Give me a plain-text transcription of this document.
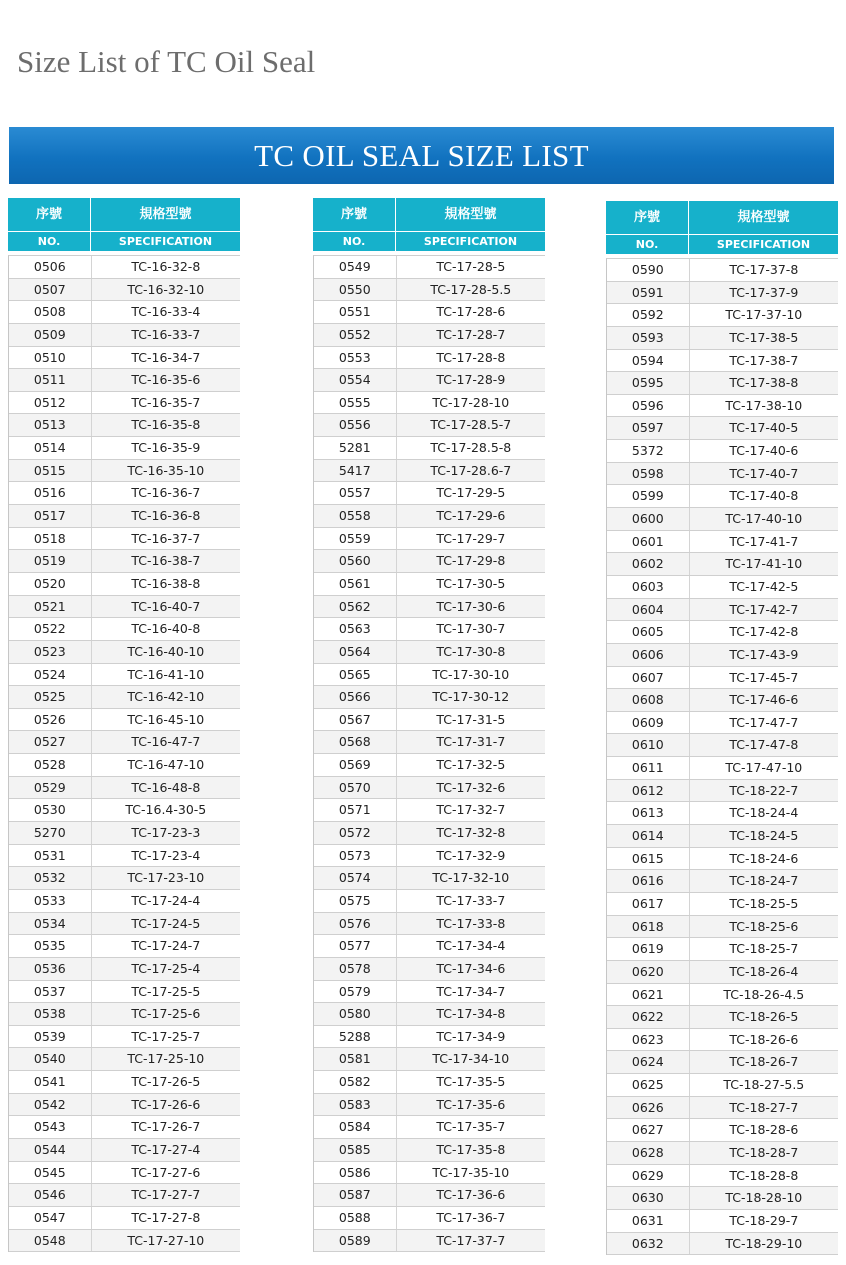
Size List of TC Oil Seal
TC OIL SEAL SIZE LIST
序號	規格型號
NO.	SPECIFICATION
0506	TC-16-32-8
0507	TC-16-32-10
0508	TC-16-33-4
0509	TC-16-33-7
0510	TC-16-34-7
0511	TC-16-35-6
0512	TC-16-35-7
0513	TC-16-35-8
0514	TC-16-35-9
0515	TC-16-35-10
0516	TC-16-36-7
0517	TC-16-36-8
0518	TC-16-37-7
0519	TC-16-38-7
0520	TC-16-38-8
0521	TC-16-40-7
0522	TC-16-40-8
0523	TC-16-40-10
0524	TC-16-41-10
0525	TC-16-42-10
0526	TC-16-45-10
0527	TC-16-47-7
0528	TC-16-47-10
0529	TC-16-48-8
0530	TC-16.4-30-5
5270	TC-17-23-3
0531	TC-17-23-4
0532	TC-17-23-10
0533	TC-17-24-4
0534	TC-17-24-5
0535	TC-17-24-7
0536	TC-17-25-4
0537	TC-17-25-5
0538	TC-17-25-6
0539	TC-17-25-7
0540	TC-17-25-10
0541	TC-17-26-5
0542	TC-17-26-6
0543	TC-17-26-7
0544	TC-17-27-4
0545	TC-17-27-6
0546	TC-17-27-7
0547	TC-17-27-8
0548	TC-17-27-10
序號	規格型號
NO.	SPECIFICATION
0549	TC-17-28-5
0550	TC-17-28-5.5
0551	TC-17-28-6
0552	TC-17-28-7
0553	TC-17-28-8
0554	TC-17-28-9
0555	TC-17-28-10
0556	TC-17-28.5-7
5281	TC-17-28.5-8
5417	TC-17-28.6-7
0557	TC-17-29-5
0558	TC-17-29-6
0559	TC-17-29-7
0560	TC-17-29-8
0561	TC-17-30-5
0562	TC-17-30-6
0563	TC-17-30-7
0564	TC-17-30-8
0565	TC-17-30-10
0566	TC-17-30-12
0567	TC-17-31-5
0568	TC-17-31-7
0569	TC-17-32-5
0570	TC-17-32-6
0571	TC-17-32-7
0572	TC-17-32-8
0573	TC-17-32-9
0574	TC-17-32-10
0575	TC-17-33-7
0576	TC-17-33-8
0577	TC-17-34-4
0578	TC-17-34-6
0579	TC-17-34-7
0580	TC-17-34-8
5288	TC-17-34-9
0581	TC-17-34-10
0582	TC-17-35-5
0583	TC-17-35-6
0584	TC-17-35-7
0585	TC-17-35-8
0586	TC-17-35-10
0587	TC-17-36-6
0588	TC-17-36-7
0589	TC-17-37-7
序號	規格型號
NO.	SPECIFICATION
0590	TC-17-37-8
0591	TC-17-37-9
0592	TC-17-37-10
0593	TC-17-38-5
0594	TC-17-38-7
0595	TC-17-38-8
0596	TC-17-38-10
0597	TC-17-40-5
5372	TC-17-40-6
0598	TC-17-40-7
0599	TC-17-40-8
0600	TC-17-40-10
0601	TC-17-41-7
0602	TC-17-41-10
0603	TC-17-42-5
0604	TC-17-42-7
0605	TC-17-42-8
0606	TC-17-43-9
0607	TC-17-45-7
0608	TC-17-46-6
0609	TC-17-47-7
0610	TC-17-47-8
0611	TC-17-47-10
0612	TC-18-22-7
0613	TC-18-24-4
0614	TC-18-24-5
0615	TC-18-24-6
0616	TC-18-24-7
0617	TC-18-25-5
0618	TC-18-25-6
0619	TC-18-25-7
0620	TC-18-26-4
0621	TC-18-26-4.5
0622	TC-18-26-5
0623	TC-18-26-6
0624	TC-18-26-7
0625	TC-18-27-5.5
0626	TC-18-27-7
0627	TC-18-28-6
0628	TC-18-28-7
0629	TC-18-28-8
0630	TC-18-28-10
0631	TC-18-29-7
0632	TC-18-29-10
